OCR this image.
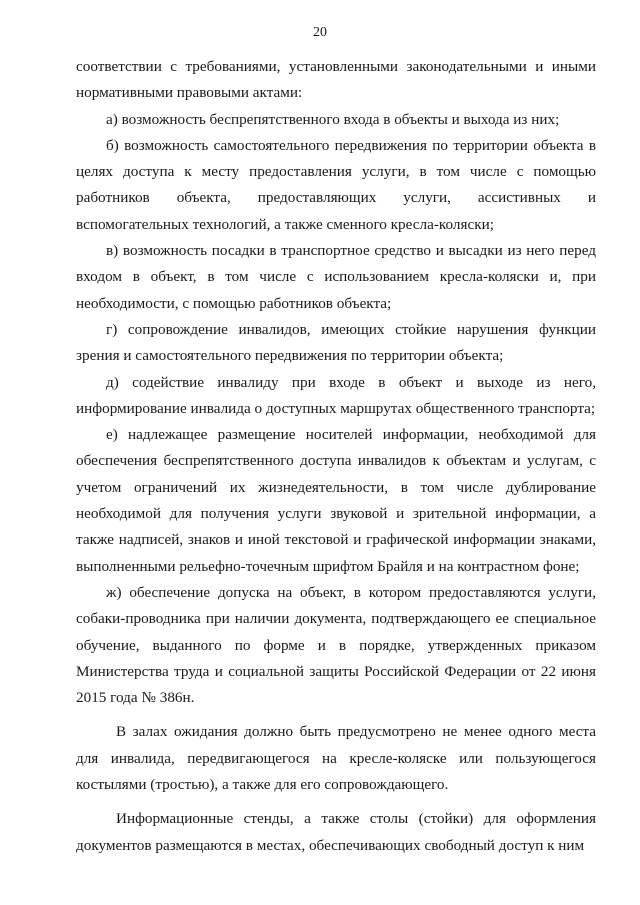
20

соответствии с требованиями, установленными законодательными и иными нормативными правовыми актами:

а) возможность беспрепятственного входа в объекты и выхода из них;

б) возможность самостоятельного передвижения по территории объекта в целях доступа к месту предоставления услуги, в том числе с помощью работников объекта, предоставляющих услуги, ассистивных и вспомогательных технологий, а также сменного кресла-коляски;

в) возможность посадки в транспортное средство и высадки из него перед входом в объект, в том числе с использованием кресла-коляски и, при необходимости, с помощью работников объекта;

г) сопровождение инвалидов, имеющих стойкие нарушения функции зрения и самостоятельного передвижения по территории объекта;

д) содействие инвалиду при входе в объект и выходе из него, информирование инвалида о доступных маршрутах общественного транспорта;

е) надлежащее размещение носителей информации, необходимой для обеспечения беспрепятственного доступа инвалидов к объектам и услугам, с учетом ограничений их жизнедеятельности, в том числе дублирование необходимой для получения услуги звуковой и зрительной информации, а также надписей, знаков и иной текстовой и графической информации знаками, выполненными рельефно-точечным шрифтом Брайля и на контрастном фоне;

ж) обеспечение допуска на объект, в котором предоставляются услуги, собаки-проводника при наличии документа, подтверждающего ее специальное обучение, выданного по форме и в порядке, утвержденных приказом Министерства труда и социальной защиты Российской Федерации от 22 июня 2015 года № 386н.

В залах ожидания должно быть предусмотрено не менее одного места для инвалида, передвигающегося на кресле-коляске или пользующегося костылями (тростью), а также для его сопровождающего.

Информационные стенды, а также столы (стойки) для оформления документов размещаются в местах, обеспечивающих свободный доступ к ним
